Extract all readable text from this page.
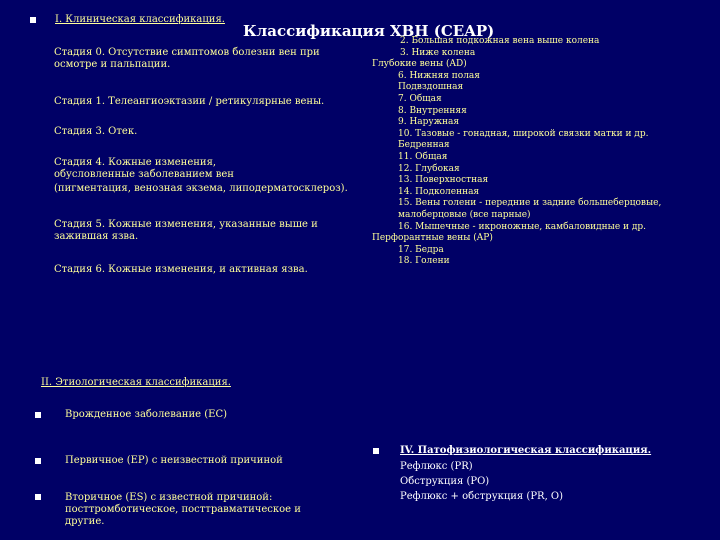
I. Клиническая классификация.
Классификация ХВН (CEAP)
Стадия 0. Отсутствие симптомов болезни вен при осмотре и пальпации.
Стадия 1. Телеангиоэктазии / ретикулярные вены.
Стадия 3. Отек.
Стадия 4. Кожные изменения, обусловленные заболеванием вен
(пигментация, венозная экзема, липодерматосклероз).
Стадия 5. Кожные изменения, указанные выше и зажившая язва.
Стадия 6. Кожные изменения, и активная язва.
2. Большая подкожная вена выше колена
3. Ниже колена
Глубокие вены (AD)
6. Нижняя полая
Подвздошная
7. Общая
8. Внутренняя
9. Наружная
10. Тазовые - гонадная, широкой связки матки и др.
Бедренная
11. Общая
12. Глубокая
13. Поверхностная
14. Подколенная
15. Вены голени - передние и задние большеберцовые, малоберцовые (все парные)
16. Мышечные - икроножные, камбаловидные и др.
Перфорантные вены (AP)
17. Бедра
18. Голени
II. Этиологическая классификация.
Врожденное заболевание (EC)
Первичное (EP) с неизвестной причиной
Вторичное (ES) с известной причиной: посттромботическое, посттравматическое и другие.
IV. Патофизиологическая классификация.
Рефлюкс (PR)
Обструкция (PO)
Рефлюкс + обструкция (PR, O)
